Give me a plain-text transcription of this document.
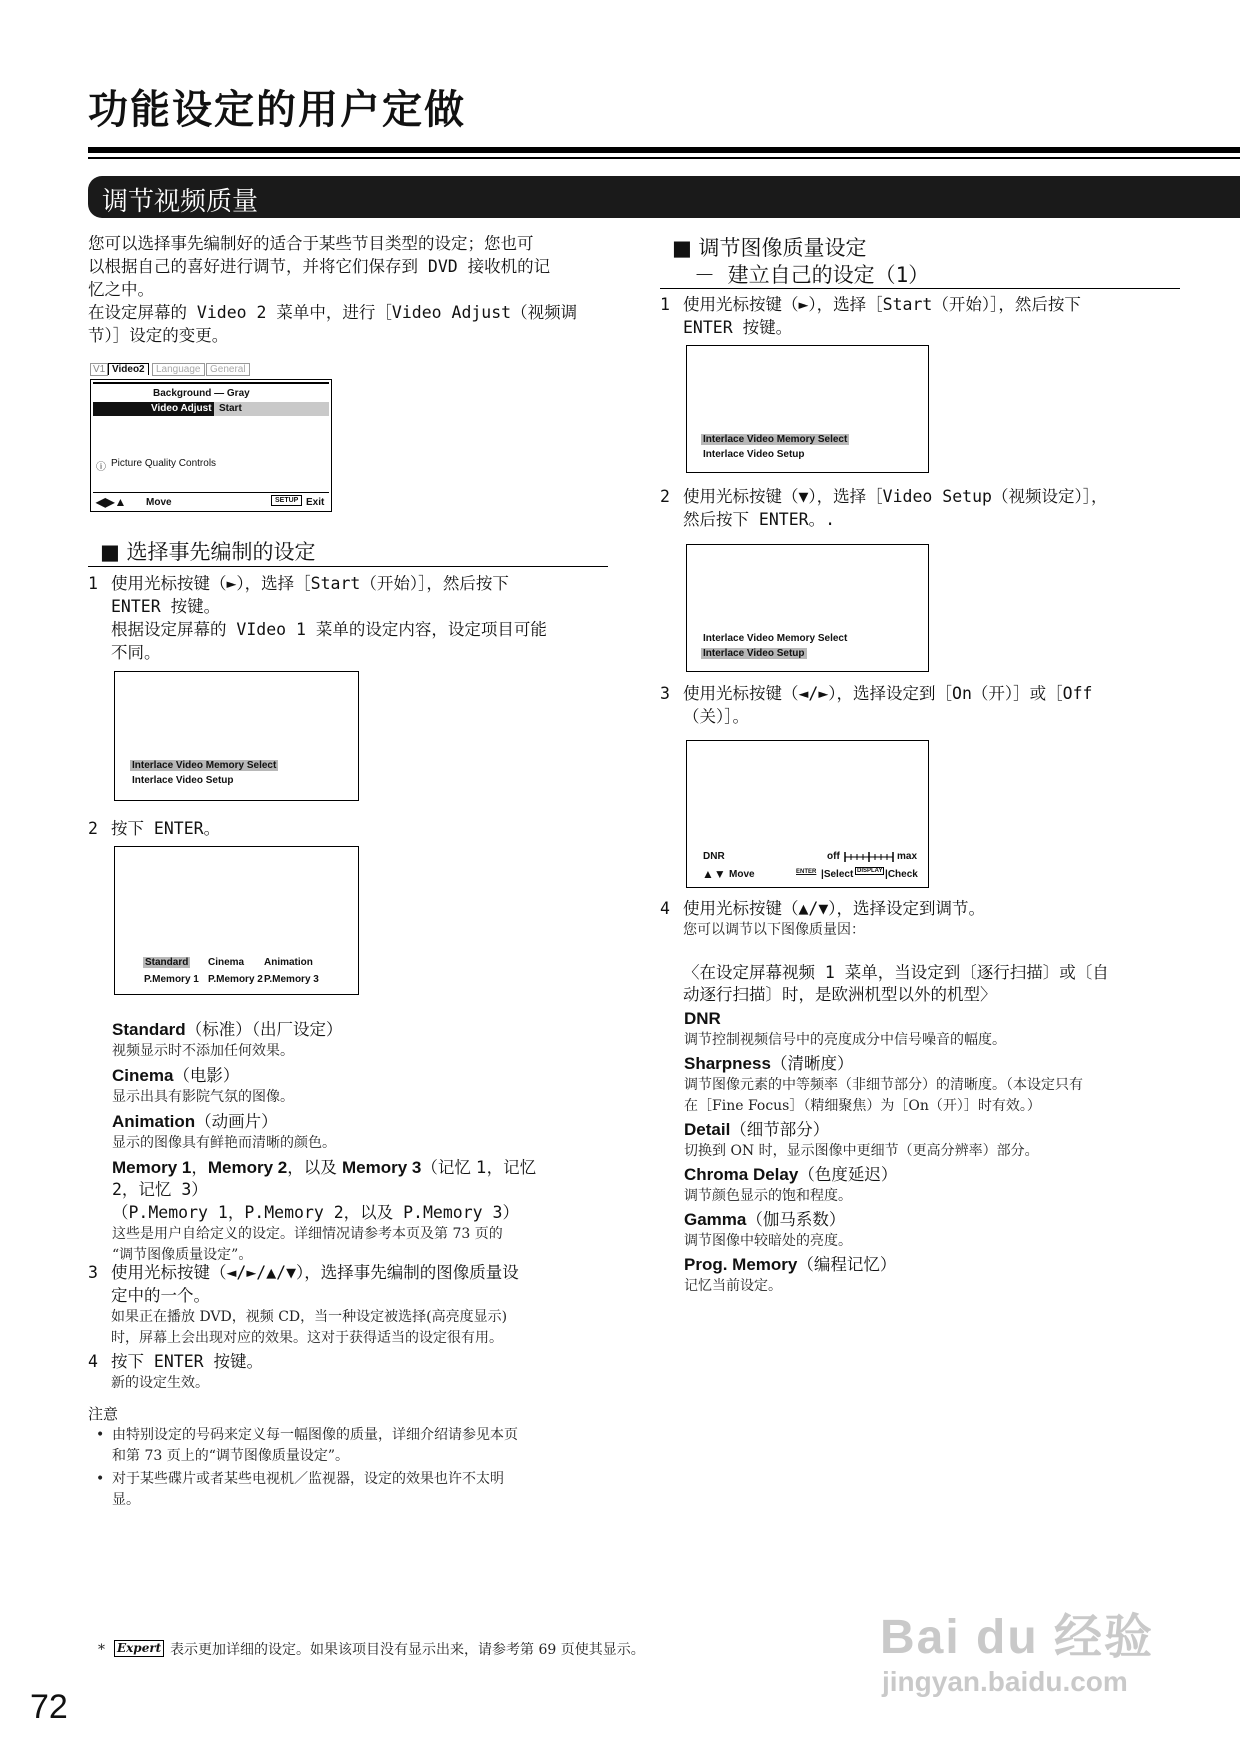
功能设定的用户定做
调节视频质量

您可以选择事先编制好的适合于某些节目类型的设定；您也可

以根据自己的喜好进行调节，并将它们保存到 DVD 接收机的记

忆之中。

在设定屏幕的 Video 2 菜单中，进行［Video Adjust（视频调

节）］设定的变更。

V1 Video2	Language General
Background — Gray
Video Adjust Start
ⓘ Picture Quality Controls
◀▶▲ Move	SETUP Exit
■ 选择事先编制的设定
1 使用光标按键（►），选择［Start（开始）］，然后按下

ENTER 按键。

根据设定屏幕的 VIdeo 1 菜单的设定内容，设定项目可能

不同。

Interlace Video Memory Select
Interlace Video Setup
2 按下 ENTER。

Standard Cinema Animation
P.Memory 1 P.Memory 2 P.Memory 3
Standard（标准）（出厂设定）
视频显示时不添加任何效果。
Cinema（电影）
显示出具有影院气氛的图像。
Animation（动画片）
显示的图像具有鲜艳而清晰的颜色。
Memory 1，Memory 2，以及 Memory 3（记忆 1，记忆
2，记忆 3）
（P.Memory 1，P.Memory 2，以及 P.Memory 3）
这些是用户自给定义的设定。详细情况请参考本页及第 73 页的
“调节图像质量设定”。
3 使用光标按键（◄/►/▲/▼），选择事先编制的图像质量设

定中的一个。

如果正在播放 DVD，视频 CD，当一种设定被选择(高亮度显示)

时，屏幕上会出现对应的效果。这对于获得适当的设定很有用。

4 按下 ENTER 按键。

新的设定生效。

注意
• 由特别设定的号码来定义每一幅图像的质量，详细介绍请参见本页
和第 73 页上的“调节图像质量设定”。
• 对于某些碟片或者某些电视机／监视器，设定的效果也许不太明
显。
* Expert 表示更加详细的设定。如果该项目没有显示出来，请参考第 69 页使其显示。
72
■ 调节图像质量设定
－ 建立自己的设定（1）
1 使用光标按键（►），选择［Start（开始）］，然后按下

ENTER 按键。

Interlace Video Memory Select
Interlace Video Setup
2 使用光标按键（▼），选择［Video Setup（视频设定）］，

然后按下 ENTER。.

Interlace Video Memory Select
Interlace Video Setup
3 使用光标按键（◄/►），选择设定到［On（开）］或［Off

（关）］。

DNR	off	max
▲▼ Move	ENTER |Select DISPLAY |Check
4 使用光标按键（▲/▼），选择设定到调节。

您可以调节以下图像质量因：

〈在设定屏幕视频 1 菜单，当设定到〔逐行扫描〕或〔自

动逐行扫描〕时，是欧洲机型以外的机型〉

DNR
调节控制视频信号中的亮度成分中信号噪音的幅度。
Sharpness（清晰度）
调节图像元素的中等频率（非细节部分）的清晰度。（本设定只有
在［Fine Focus］（精细聚焦）为［On（开）］时有效。）
Detail（细节部分）
切换到 ON 时，显示图像中更细节（更高分辨率）部分。
Chroma Delay（色度延迟）
调节颜色显示的饱和程度。
Gamma（伽马系数）
调节图像中较暗处的亮度。
Prog. Memory（编程记忆）
记忆当前设定。
Bai du 经验
jingyan.baidu.com
